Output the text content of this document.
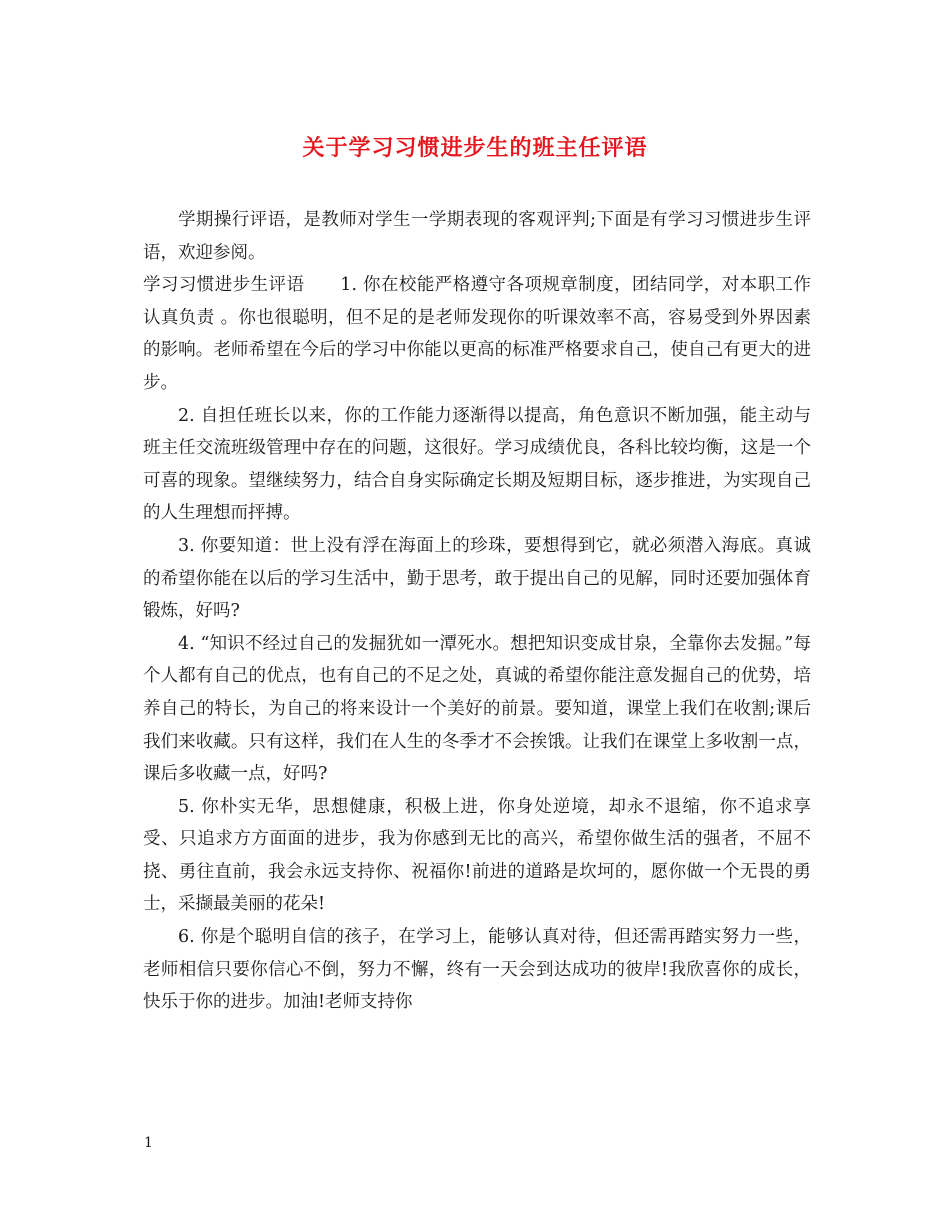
关于学习习惯进步生的班主任评语

学期操行评语，是教师对学生一学期表现的客观评判;下面是有学习习惯进步生评语，欢迎参阅。

学习习惯进步生评语　　1. 你在校能严格遵守各项规章制度，团结同学，对本职工作认真负责 。你也很聪明，但不足的是老师发现你的听课效率不高，容易受到外界因素的影响。老师希望在今后的学习中你能以更高的标准严格要求自己，使自己有更大的进步。

2. 自担任班长以来，你的工作能力逐渐得以提高，角色意识不断加强，能主动与班主任交流班级管理中存在的问题，这很好。学习成绩优良，各科比较均衡，这是一个可喜的现象。望继续努力，结合自身实际确定长期及短期目标，逐步推进，为实现自己的人生理想而抨搏。

3. 你要知道：世上没有浮在海面上的珍珠，要想得到它，就必须潜入海底。真诚的希望你能在以后的学习生活中，勤于思考，敢于提出自己的见解，同时还要加强体育锻炼，好吗?

4. “知识不经过自己的发掘犹如一潭死水。想把知识变成甘泉，全靠你去发掘。”每个人都有自己的优点，也有自己的不足之处，真诚的希望你能注意发掘自己的优势，培养自己的特长，为自己的将来设计一个美好的前景。要知道，课堂上我们在收割;课后我们来收藏。只有这样，我们在人生的冬季才不会挨饿。让我们在课堂上多收割一点，课后多收藏一点，好吗?

5. 你朴实无华，思想健康，积极上进，你身处逆境，却永不退缩，你不追求享受、只追求方方面面的进步，我为你感到无比的高兴，希望你做生活的强者，不屈不挠、勇往直前，我会永远支持你、祝福你!前进的道路是坎坷的，愿你做一个无畏的勇士，采撷最美丽的花朵!

6. 你是个聪明自信的孩子，在学习上，能够认真对待，但还需再踏实努力一些，老师相信只要你信心不倒，努力不懈，终有一天会到达成功的彼岸!我欣喜你的成长，快乐于你的进步。加油!老师支持你

1
